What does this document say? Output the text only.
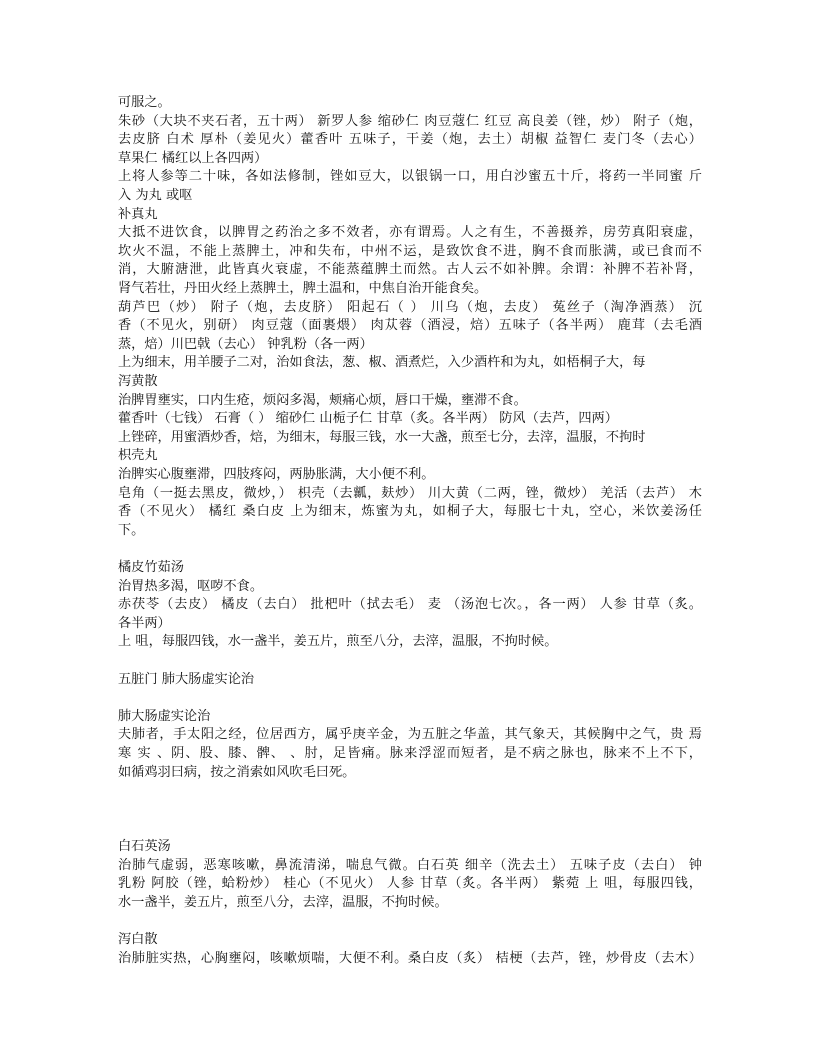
可服之。
朱砂（大块不夹石者，五十两） 新罗人参 缩砂仁 肉豆蔻仁 红豆 高良姜（锉，炒） 附子（炮，
去皮脐 白术 厚朴（姜见火）藿香叶 五味子，干姜（炮，去土）胡椒 益智仁 麦门冬（去心）
草果仁 橘红以上各四两）
上将人参等二十味，各如法修制，锉如豆大，以银锅一口，用白沙蜜五十斤，将药一半同蜜 斤
入 为丸 或呕
补真丸
大抵不进饮食，以脾胃之药治之多不效者，亦有谓焉。人之有生，不善摄养，房劳真阳衰虚，
坎火不温，不能上蒸脾土，冲和失布，中州不运，是致饮食不进，胸不食而胀满，或已食而不
消，大腑溏泄，此皆真火衰虚，不能蒸蕴脾土而然。古人云不如补脾。余谓：补脾不若补肾，
肾气若壮，丹田火经上蒸脾土，脾土温和，中焦自治开能食矣。
葫芦巴（炒） 附子（炮，去皮脐） 阳起石（ ） 川乌（炮，去皮） 菟丝子（淘净酒蒸） 沉
香（不见火，别研） 肉豆蔻（面裹煨） 肉苁蓉（酒浸，焙）五味子（各半两） 鹿茸（去毛酒
蒸，焙）川巴戟（去心） 钟乳粉（各一两）
上为细末，用羊腰子二对，治如食法，葱、椒、酒煮烂，入少酒杵和为丸，如梧桐子大，每
泻黄散
治脾胃壅实，口内生疮，烦闷多渴，颊痛心烦，唇口干燥，壅滞不食。
藿香叶（七钱） 石膏（ ） 缩砂仁 山栀子仁 甘草（炙。各半两） 防风（去芦，四两）
上锉碎，用蜜酒炒香，焙，为细末，每服三钱，水一大盏，煎至七分，去滓，温服，不拘时
枳壳丸
治脾实心腹壅滞，四肢疼闷，两胁胀满，大小便不利。
皂角（一挺去黑皮，微炒，） 枳壳（去瓤，麸炒） 川大黄（二两，锉，微炒） 羌活（去芦） 木
香（不见火） 橘红 桑白皮 上为细末，炼蜜为丸，如桐子大，每服七十丸，空心，米饮姜汤任
下。
橘皮竹茹汤
治胃热多渴，呕哕不食。
赤茯苓（去皮） 橘皮（去白） 批杷叶（拭去毛） 麦 （汤泡七次。，各一两） 人参 甘草（炙。
各半两）
上 咀，每服四钱，水一盏半，姜五片，煎至八分，去滓，温服，不拘时候。
五脏门 肺大肠虚实论治
肺大肠虚实论治
夫肺者，手太阳之经，位居西方，属乎庚辛金，为五脏之华盖，其气象天，其候胸中之气，贵 焉
寒 实 、阴、股、膝、髀、 、肘，足皆痛。脉来浮涩而短者，是不病之脉也，脉来不上不下，
如循鸡羽曰病，按之消索如风吹毛曰死。
白石英汤
治肺气虚弱，恶寒咳嗽，鼻流清涕，喘息气微。白石英 细辛（洗去土） 五味子皮（去白） 钟
乳粉 阿胶（锉，蛤粉炒） 桂心（不见火） 人参 甘草（炙。各半两） 紫菀 上 咀，每服四钱，
水一盏半，姜五片，煎至八分，去滓，温服，不拘时候。
泻白散
治肺脏实热，心胸壅闷，咳嗽烦喘，大便不利。桑白皮（炙） 桔梗（去芦，锉，炒骨皮（去木）
